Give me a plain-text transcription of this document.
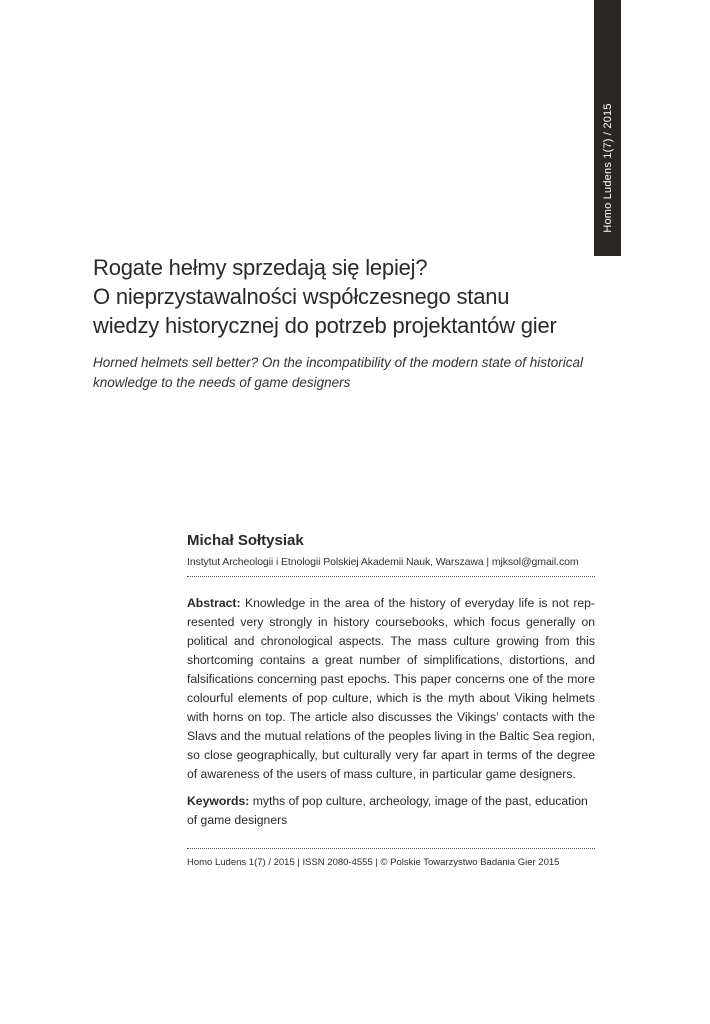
Homo Ludens 1(7) / 2015
Rogate hełmy sprzedają się lepiej?
O nieprzystawalności współczesnego stanu
wiedzy historycznej do potrzeb projektantów gier

Horned helmets sell better? On the incompatibility of the modern state of historical
knowledge to the needs of game designers

Michał Sołtysiak
Instytut Archeologii i Etnologii Polskiej Akademii Nauk, Warszawa | mjksol@gmail.com
Abstract: Knowledge in the area of the history of everyday life is not rep-
resented very strongly in history coursebooks, which focus generally on
political and chronological aspects. The mass culture growing from this
shortcoming contains a great number of simplifications, distortions, and
falsifications concerning past epochs. This paper concerns one of the more
colourful elements of pop culture, which is the myth about Viking helmets
with horns on top. The article also discusses the Vikings’ contacts with the
Slavs and the mutual relations of the peoples living in the Baltic Sea region,
so close geographically, but culturally very far apart in terms of the degree
of awareness of the users of mass culture, in particular game designers.
Keywords: myths of pop culture, archeology, image of the past, education
of game designers
Homo Ludens 1(7) / 2015 | ISSN 2080-4555 | © Polskie Towarzystwo Badania Gier 2015
